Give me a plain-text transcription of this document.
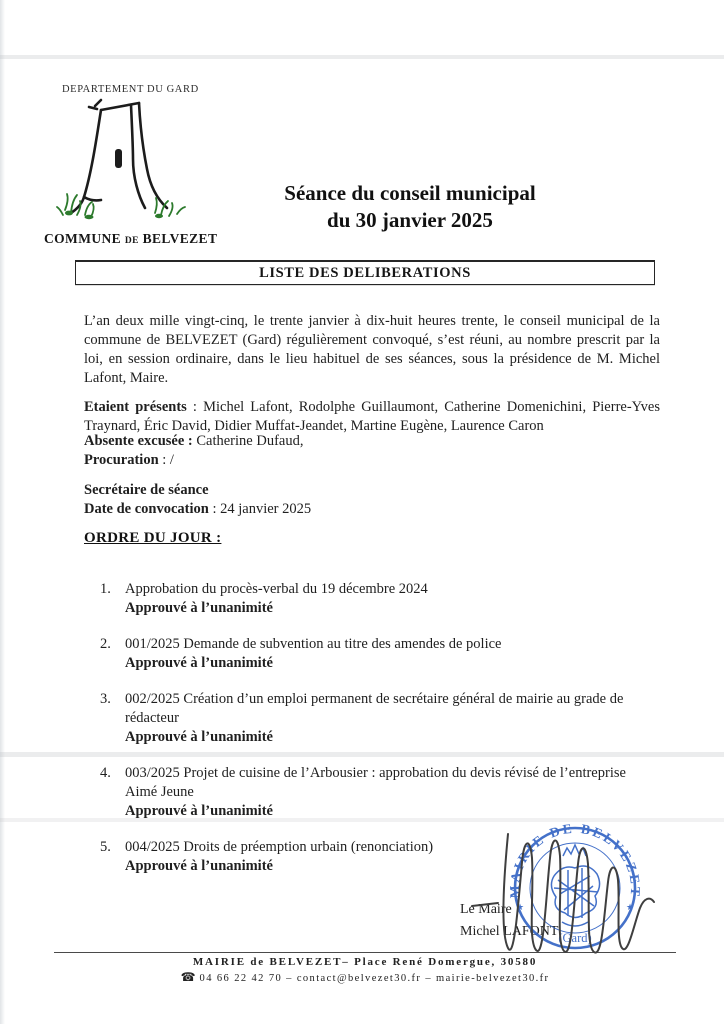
DEPARTEMENT DU GARD
COMMUNE DE BELVEZET
Séance du conseil municipal
du 30 janvier 2025
LISTE DES DELIBERATIONS

L’an deux mille vingt-cinq, le trente janvier à dix-huit heures trente, le conseil municipal de la commune de BELVEZET (Gard) régulièrement convoqué, s’est réuni, au nombre prescrit par la loi, en session ordinaire, dans le lieu habituel de ses séances, sous la présidence de M. Michel Lafont, Maire.

Etaient présents : Michel Lafont, Rodolphe Guillaumont, Catherine Domenichini, Pierre-Yves Traynard, Éric David, Didier Muffat-Jeandet, Martine Eugène, Laurence Caron

Absente excusée : Catherine Dufaud,
Procuration : /
Secrétaire de séance
Date de convocation : 24 janvier 2025
ORDRE DU JOUR :
1. Approbation du procès-verbal du 19 décembre 2024
Approuvé à l’unanimité
2. 001/2025 Demande de subvention au titre des amendes de police
Approuvé à l’unanimité
3. 002/2025 Création d’un emploi permanent de secrétaire général de mairie au grade de rédacteur
Approuvé à l’unanimité
4. 003/2025 Projet de cuisine de l’Arbousier : approbation du devis révisé de l’entreprise Aimé Jeune
Approuvé à l’unanimité
5. 004/2025 Droits de préemption urbain (renonciation)
Approuvé à l’unanimité
Le Maire
Michel LAFONT
MAIRIE DE BELVEZET
(Gard)
★	★
MAIRIE de BELVEZET– Place René Domergue, 30580
☎ 04 66 22 42 70 – contact@belvezet30.fr – mairie-belvezet30.fr
